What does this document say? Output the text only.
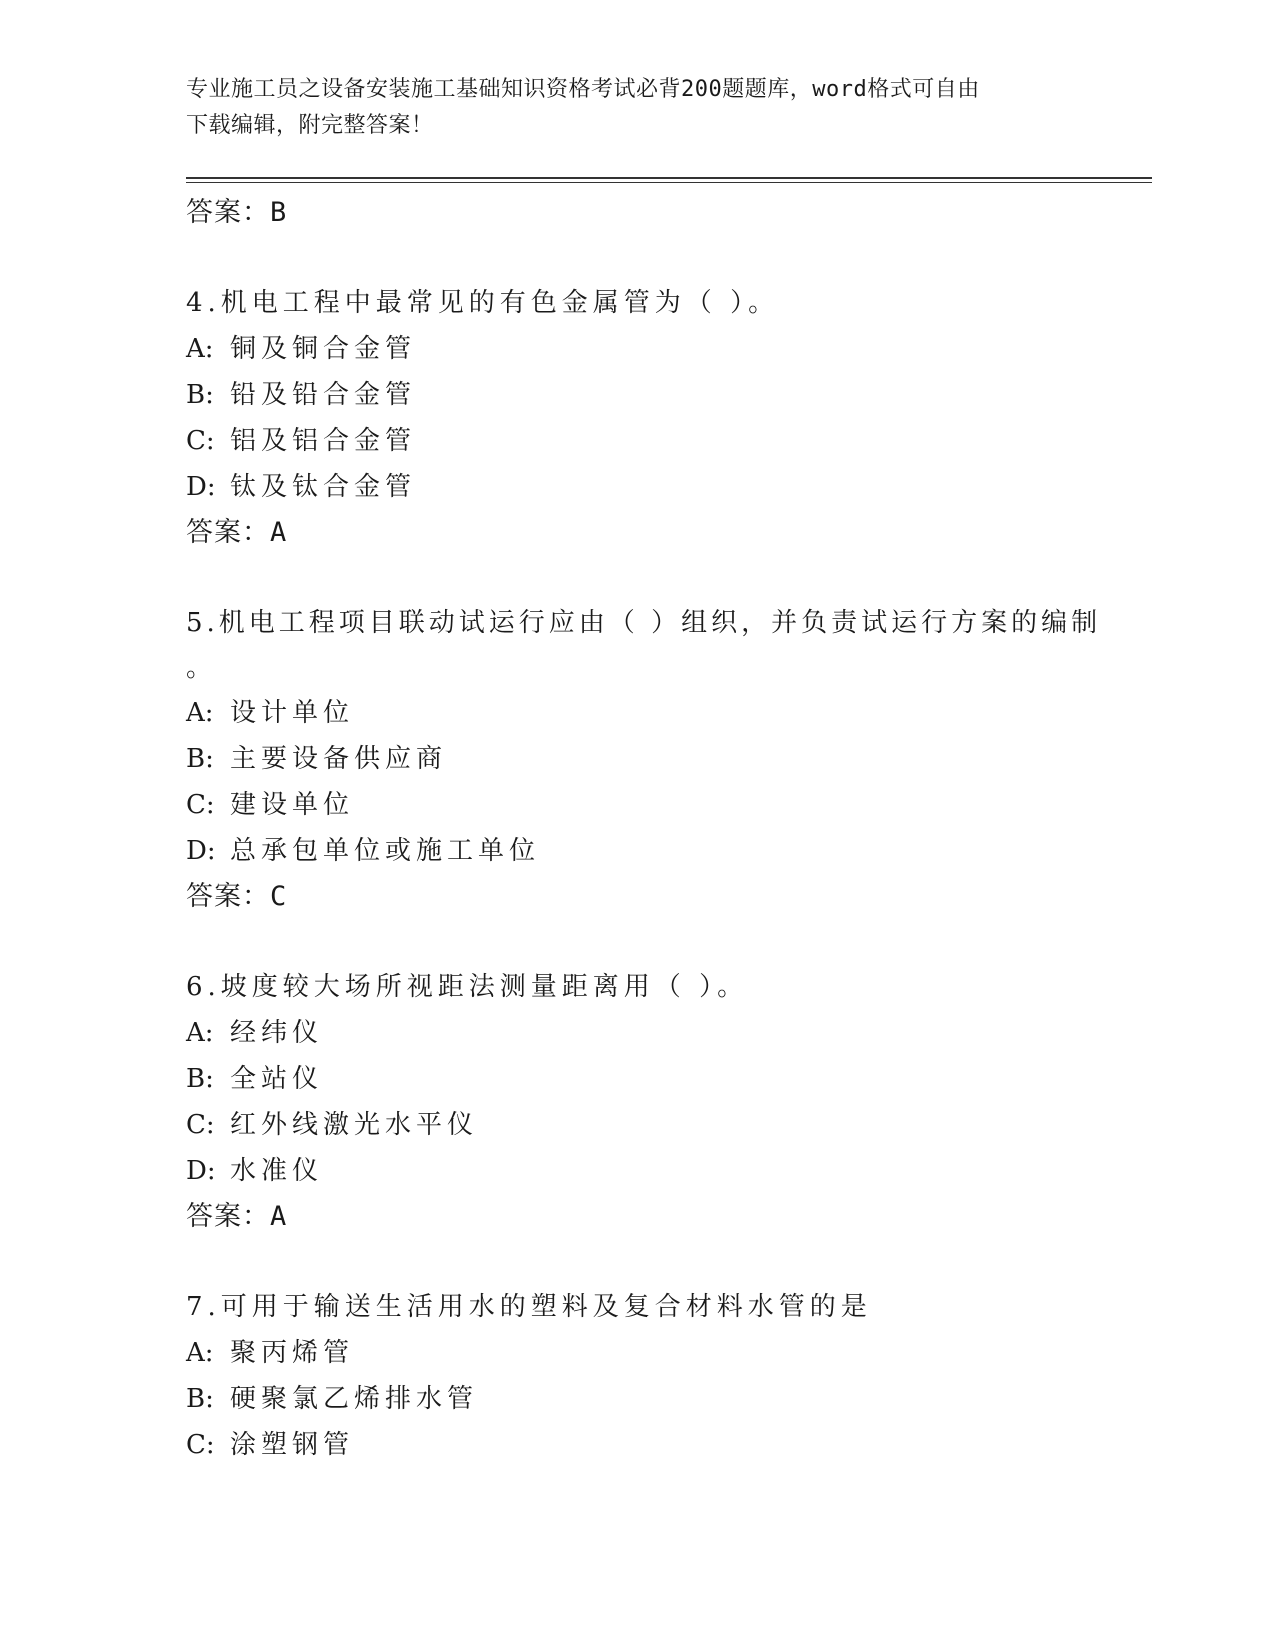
专业施工员之设备安装施工基础知识资格考试必背200题题库，word格式可自由
下载编辑，附完整答案！
答案：B
4.机电工程中最常见的有色金属管为（ ）。
A: 铜及铜合金管
B: 铅及铅合金管
C: 铝及铝合金管
D: 钛及钛合金管
答案：A
5.机电工程项目联动试运行应由（ ）组织，并负责试运行方案的编制
。
A: 设计单位
B: 主要设备供应商
C: 建设单位
D: 总承包单位或施工单位
答案：C
6.坡度较大场所视距法测量距离用（ ）。
A: 经纬仪
B: 全站仪
C: 红外线激光水平仪
D: 水准仪
答案：A
7.可用于输送生活用水的塑料及复合材料水管的是
A: 聚丙烯管
B: 硬聚氯乙烯排水管
C: 涂塑钢管
